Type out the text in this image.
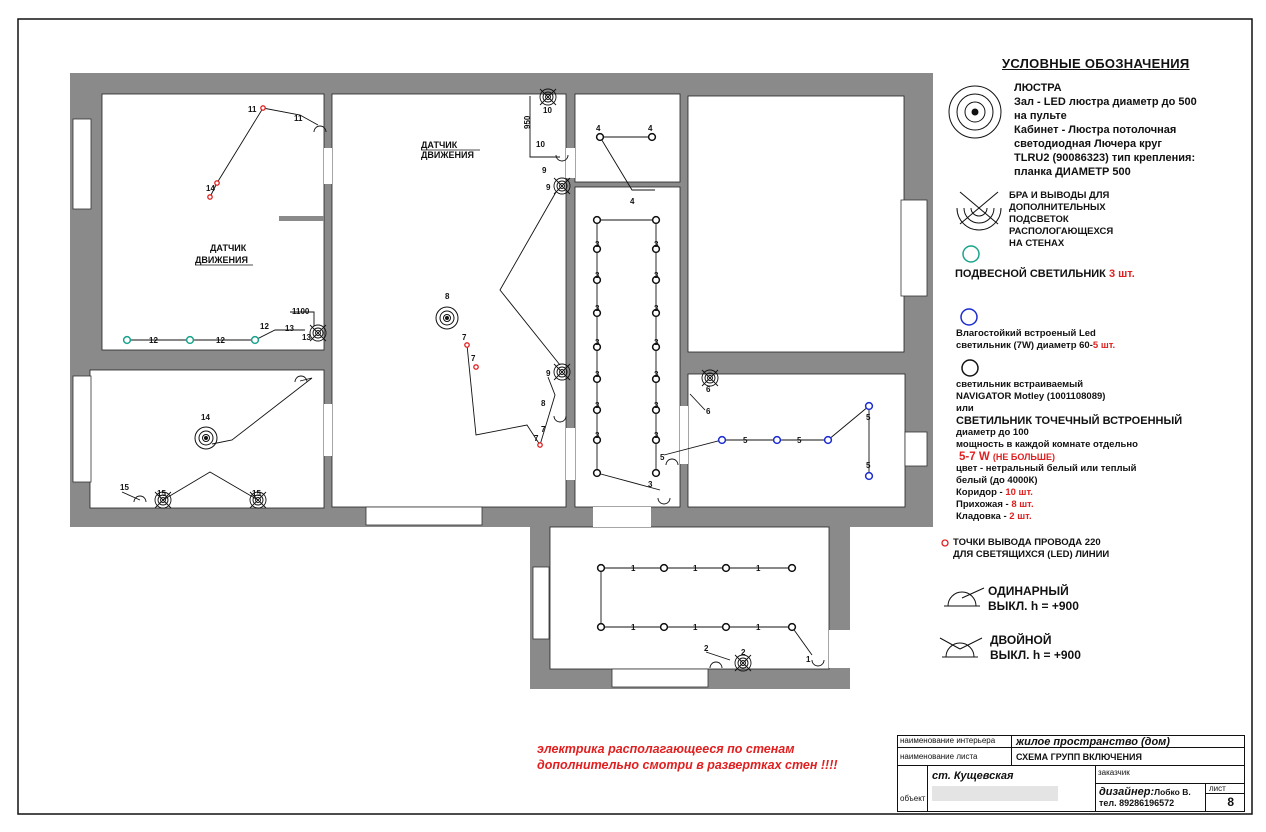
11
11
14
12	12
12 13
13
14
15
15	15
8
7
7
7
7
8
10
10
9
9
9
4	4
4
3	3
3	3
3	3
3	3
3	3
3	3
3	3
3
5	5
5
5
5
6
6
1
1
1
1
1
1
1
2	2
ДАТЧИК
ДВИЖЕНИЯ
ДАТЧИК
ДВИЖЕНИЯ
950
1100
УСЛОВНЫЕ ОБОЗНАЧЕНИЯ
ЛЮСТРА
Зал - LED люстра диаметр до 500
на пульте
Кабинет - Люстра потолочная
светодиодная Лючера круг
TLRU2 (90086323) тип крепления:
планка ДИАМЕТР 500
БРА И ВЫВОДЫ ДЛЯ
ДОПОЛНИТЕЛЬНЫХ
ПОДСВЕТОК
РАСПОЛОГАЮЩЕХСЯ
НА СТЕНАХ
ПОДВЕСНОЙ СВЕТИЛЬНИК 3 шт.
Влагостойкий встроеный Led
светильник (7W) диаметр 60-5 шт.
светильник встраиваемый
NAVIGATOR Motley (1001108089)
или
СВЕТИЛЬНИК ТОЧЕЧНЫЙ ВСТРОЕННЫЙ
диаметр до 100
мощность в каждой комнате отдельно
5-7 W (НЕ БОЛЬШЕ)
цвет - нетральный белый или теплый
белый (до 4000К)
Коридор - 10 шт.
Прихожая - 8 шт.
Кладовка - 2 шт.
ТОЧКИ ВЫВОДА ПРОВОДА 220
ДЛЯ СВЕТЯЩИХСЯ (LED) ЛИНИИ
ОДИНАРНЫЙ
ВЫКЛ. h = +900
ДВОЙНОЙ
ВЫКЛ. h = +900
электрика располагающееся по стенам
дополнительно смотри в развертках стен !!!!
наименование интерьера	жилое пространство (дом)
наименование листа	СХЕМА ГРУПП ВКЛЮЧЕНИЯ
объект
ст. Кущевская	заказчик
дизайнер:Лобко В.
тел. 89286196572
лист
8
